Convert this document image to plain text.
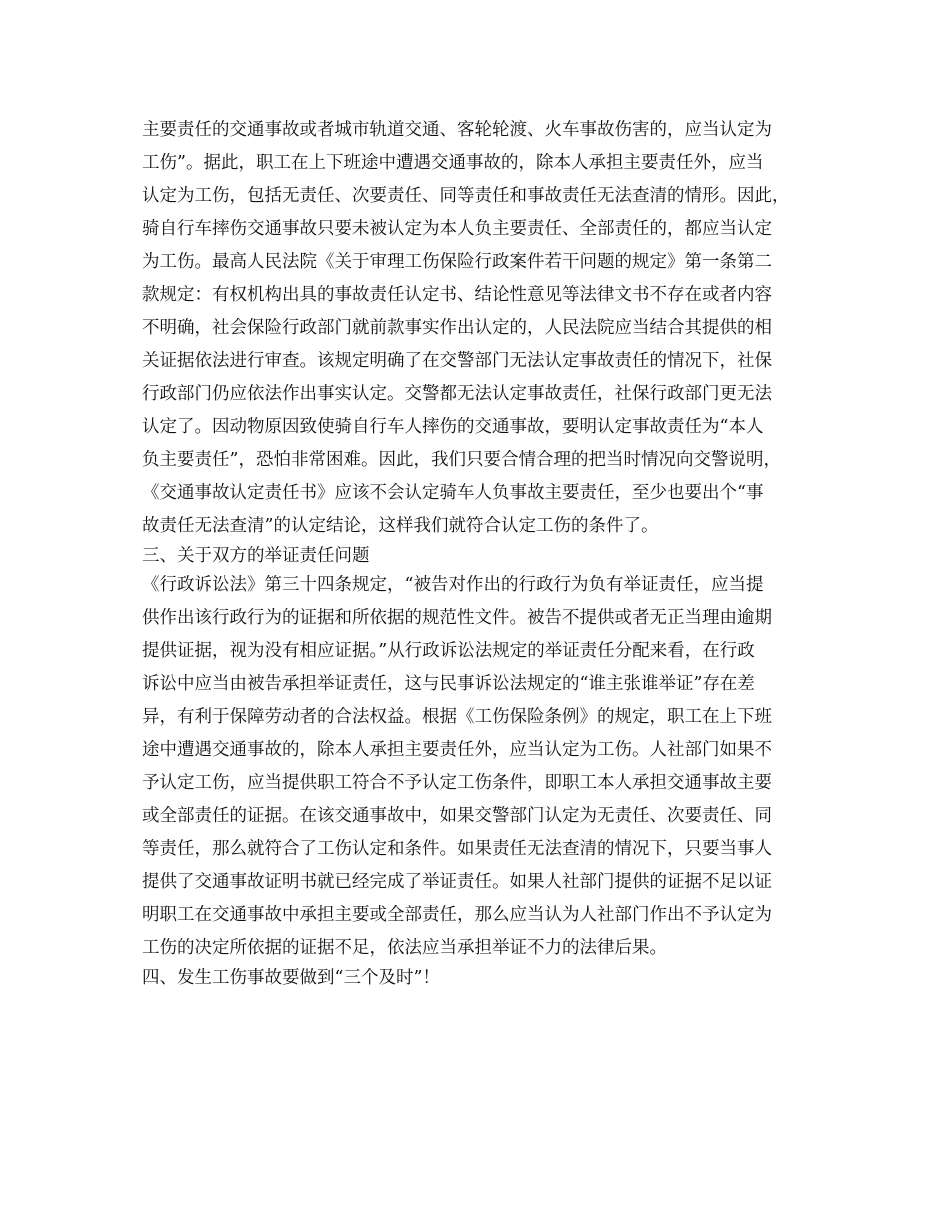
主要责任的交通事故或者城市轨道交通、客轮轮渡、火车事故伤害的，应当认定为
工伤”。据此，职工在上下班途中遭遇交通事故的，除本人承担主要责任外，应当
认定为工伤，包括无责任、次要责任、同等责任和事故责任无法查清的情形。因此，
骑自行车摔伤交通事故只要未被认定为本人负主要责任、全部责任的，都应当认定
为工伤。最高人民法院《关于审理工伤保险行政案件若干问题的规定》第一条第二
款规定：有权机构出具的事故责任认定书、结论性意见等法律文书不存在或者内容
不明确，社会保险行政部门就前款事实作出认定的，人民法院应当结合其提供的相
关证据依法进行审查。该规定明确了在交警部门无法认定事故责任的情况下，社保
行政部门仍应依法作出事实认定。交警都无法认定事故责任，社保行政部门更无法
认定了。因动物原因致使骑自行车人摔伤的交通事故，要明认定事故责任为“本人
负主要责任”，恐怕非常困难。因此，我们只要合情合理的把当时情况向交警说明，
《交通事故认定责任书》应该不会认定骑车人负事故主要责任，至少也要出个“事
故责任无法查清”的认定结论，这样我们就符合认定工伤的条件了。
三、关于双方的举证责任问题
《行政诉讼法》第三十四条规定，“被告对作出的行政行为负有举证责任，应当提
供作出该行政行为的证据和所依据的规范性文件。被告不提供或者无正当理由逾期
提供证据，视为没有相应证据。”从行政诉讼法规定的举证责任分配来看，在行政
诉讼中应当由被告承担举证责任，这与民事诉讼法规定的“谁主张谁举证”存在差
异，有利于保障劳动者的合法权益。根据《工伤保险条例》的规定，职工在上下班
途中遭遇交通事故的，除本人承担主要责任外，应当认定为工伤。人社部门如果不
予认定工伤，应当提供职工符合不予认定工伤条件，即职工本人承担交通事故主要
或全部责任的证据。在该交通事故中，如果交警部门认定为无责任、次要责任、同
等责任，那么就符合了工伤认定和条件。如果责任无法查清的情况下，只要当事人
提供了交通事故证明书就已经完成了举证责任。如果人社部门提供的证据不足以证
明职工在交通事故中承担主要或全部责任，那么应当认为人社部门作出不予认定为
工伤的决定所依据的证据不足，依法应当承担举证不力的法律后果。
四、发生工伤事故要做到“三个及时”！
